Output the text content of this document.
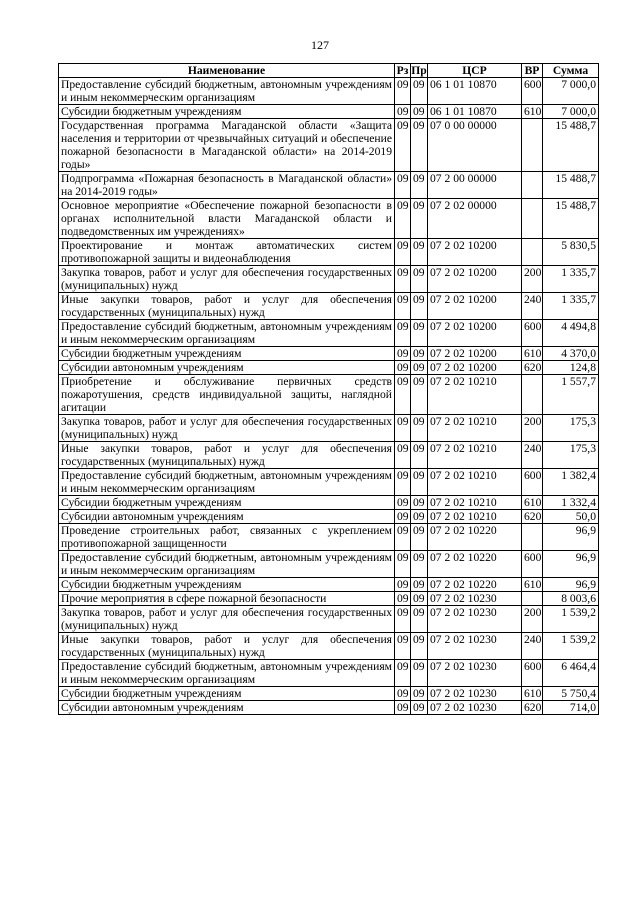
127
Наименование	Рз	Пр	ЦСР	ВР	Сумма
Предоставление субсидий бюджетным, автономным учреждениям и иным некоммерческим организациям	09	09	06 1 01 10870	600	7 000,0
Субсидии бюджетным учреждениям	09	09	06 1 01 10870	610	7 000,0
Государственная программа Магаданской области «Защита населения и территории от чрезвычайных ситуаций и обеспечение пожарной безопасности в Магаданской области» на 2014-2019 годы»	09	09	07 0 00 00000		15 488,7
Подпрограмма «Пожарная безопасность в Магаданской области» на 2014-2019 годы»	09	09	07 2 00 00000		15 488,7
Основное мероприятие «Обеспечение пожарной безопасности в органах исполнительной власти Магаданской области и подведомственных им учреждениях»	09	09	07 2 02 00000		15 488,7
Проектирование и монтаж автоматических систем противопожарной защиты и видеонаблюдения	09	09	07 2 02 10200		5 830,5
Закупка товаров, работ и услуг для обеспечения государственных (муниципальных) нужд	09	09	07 2 02 10200	200	1 335,7
Иные закупки товаров, работ и услуг для обеспечения государственных (муниципальных) нужд	09	09	07 2 02 10200	240	1 335,7
Предоставление субсидий бюджетным, автономным учреждениям и иным некоммерческим организациям	09	09	07 2 02 10200	600	4 494,8
Субсидии бюджетным учреждениям	09	09	07 2 02 10200	610	4 370,0
Субсидии автономным учреждениям	09	09	07 2 02 10200	620	124,8
Приобретение и обслуживание первичных средств пожаротушения, средств индивидуальной защиты, наглядной агитации	09	09	07 2 02 10210		1 557,7
Закупка товаров, работ и услуг для обеспечения государственных (муниципальных) нужд	09	09	07 2 02 10210	200	175,3
Иные закупки товаров, работ и услуг для обеспечения государственных (муниципальных) нужд	09	09	07 2 02 10210	240	175,3
Предоставление субсидий бюджетным, автономным учреждениям и иным некоммерческим организациям	09	09	07 2 02 10210	600	1 382,4
Субсидии бюджетным учреждениям	09	09	07 2 02 10210	610	1 332,4
Субсидии автономным учреждениям	09	09	07 2 02 10210	620	50,0
Проведение строительных работ, связанных с укреплением противопожарной защищенности	09	09	07 2 02 10220		96,9
Предоставление субсидий бюджетным, автономным учреждениям и иным некоммерческим организациям	09	09	07 2 02 10220	600	96,9
Субсидии бюджетным учреждениям	09	09	07 2 02 10220	610	96,9
Прочие мероприятия в сфере пожарной безопасности	09	09	07 2 02 10230		8 003,6
Закупка товаров, работ и услуг для обеспечения государственных (муниципальных) нужд	09	09	07 2 02 10230	200	1 539,2
Иные закупки товаров, работ и услуг для обеспечения государственных (муниципальных) нужд	09	09	07 2 02 10230	240	1 539,2
Предоставление субсидий бюджетным, автономным учреждениям и иным некоммерческим организациям	09	09	07 2 02 10230	600	6 464,4
Субсидии бюджетным учреждениям	09	09	07 2 02 10230	610	5 750,4
Субсидии автономным учреждениям	09	09	07 2 02 10230	620	714,0
